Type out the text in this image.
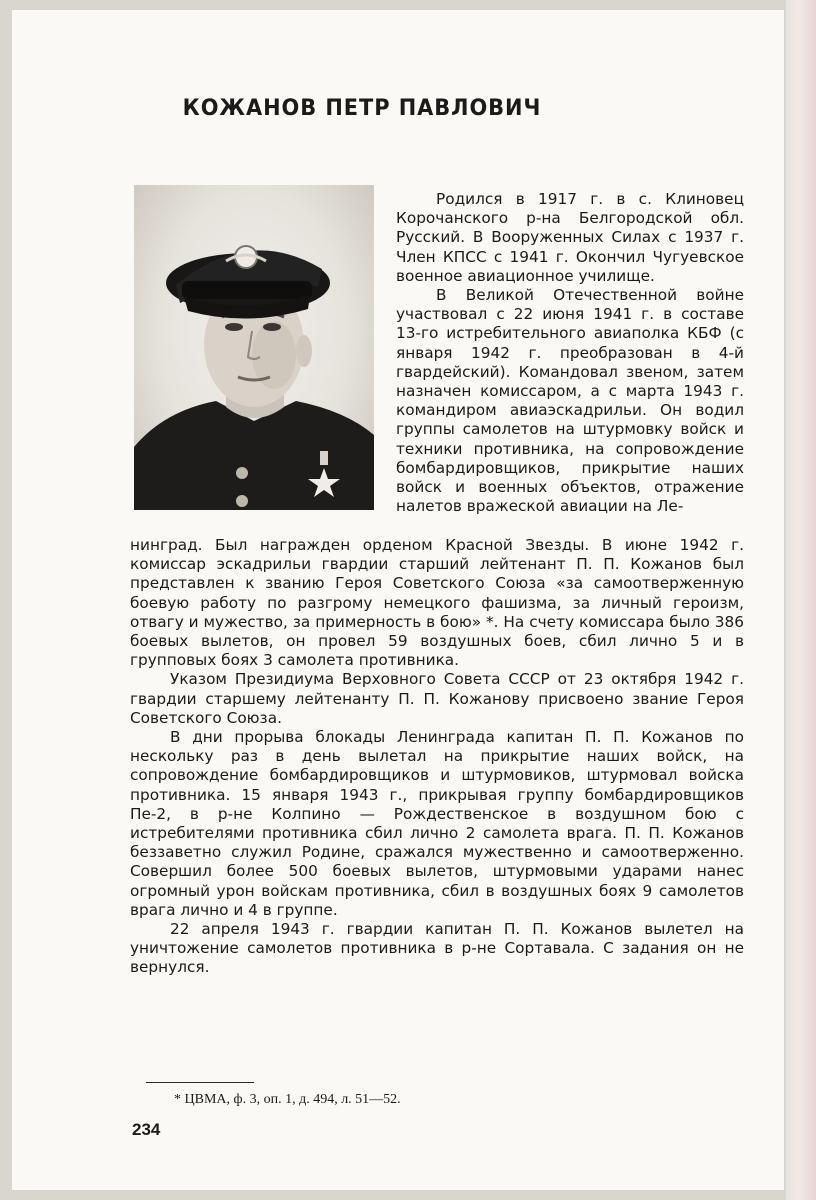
КОЖАНОВ ПЕТР ПАВЛОВИЧ

Родился в 1917 г. в с. Клиновец Корочанского р-на Белгородской обл. Русский. В Вооруженных Силах с 1937 г. Член КПСС с 1941 г. Окончил Чугуевское военное авиационное училище.

В Великой Отечественной войне участвовал с 22 июня 1941 г. в составе 13-го истребительного авиаполка КБФ (с января 1942 г. преобразован в 4-й гвардейский). Командовал звеном, затем назначен комиссаром, а с марта 1943 г. командиром авиаэскадрильи. Он водил группы самолетов на штурмовку войск и техники противника, на сопровождение бомбардировщиков, прикрытие наших войск и военных объектов, отражение налетов вражеской авиации на Ле-

нинград. Был награжден орденом Красной Звезды. В июне 1942 г. комиссар эскадрильи гвардии старший лейтенант П. П. Кожанов был представлен к званию Героя Советского Союза «за самоотверженную боевую работу по разгрому немецкого фашизма, за личный героизм, отвагу и мужество, за примерность в бою» *. На счету комиссара было 386 боевых вылетов, он провел 59 воздушных боев, сбил лично 5 и в групповых боях 3 самолета противника.

Указом Президиума Верховного Совета СССР от 23 октября 1942 г. гвардии старшему лейтенанту П. П. Кожанову присвоено звание Героя Советского Союза.

В дни прорыва блокады Ленинграда капитан П. П. Кожанов по нескольку раз в день вылетал на прикрытие наших войск, на сопровождение бомбардировщиков и штурмовиков, штурмовал войска противника. 15 января 1943 г., прикрывая группу бомбардировщиков Пе-2, в р-не Колпино — Рождественское в воздушном бою с истребителями противника сбил лично 2 самолета врага. П. П. Кожанов беззаветно служил Родине, сражался мужественно и самоотверженно. Совершил более 500 боевых вылетов, штурмовыми ударами нанес огромный урон войскам противника, сбил в воздушных боях 9 самолетов врага лично и 4 в группе.

22 апреля 1943 г. гвардии капитан П. П. Кожанов вылетел на уничтожение самолетов противника в р-не Сортавала. С задания он не вернулся.

* ЦВМА, ф. 3, оп. 1, д. 494, л. 51—52.
234
